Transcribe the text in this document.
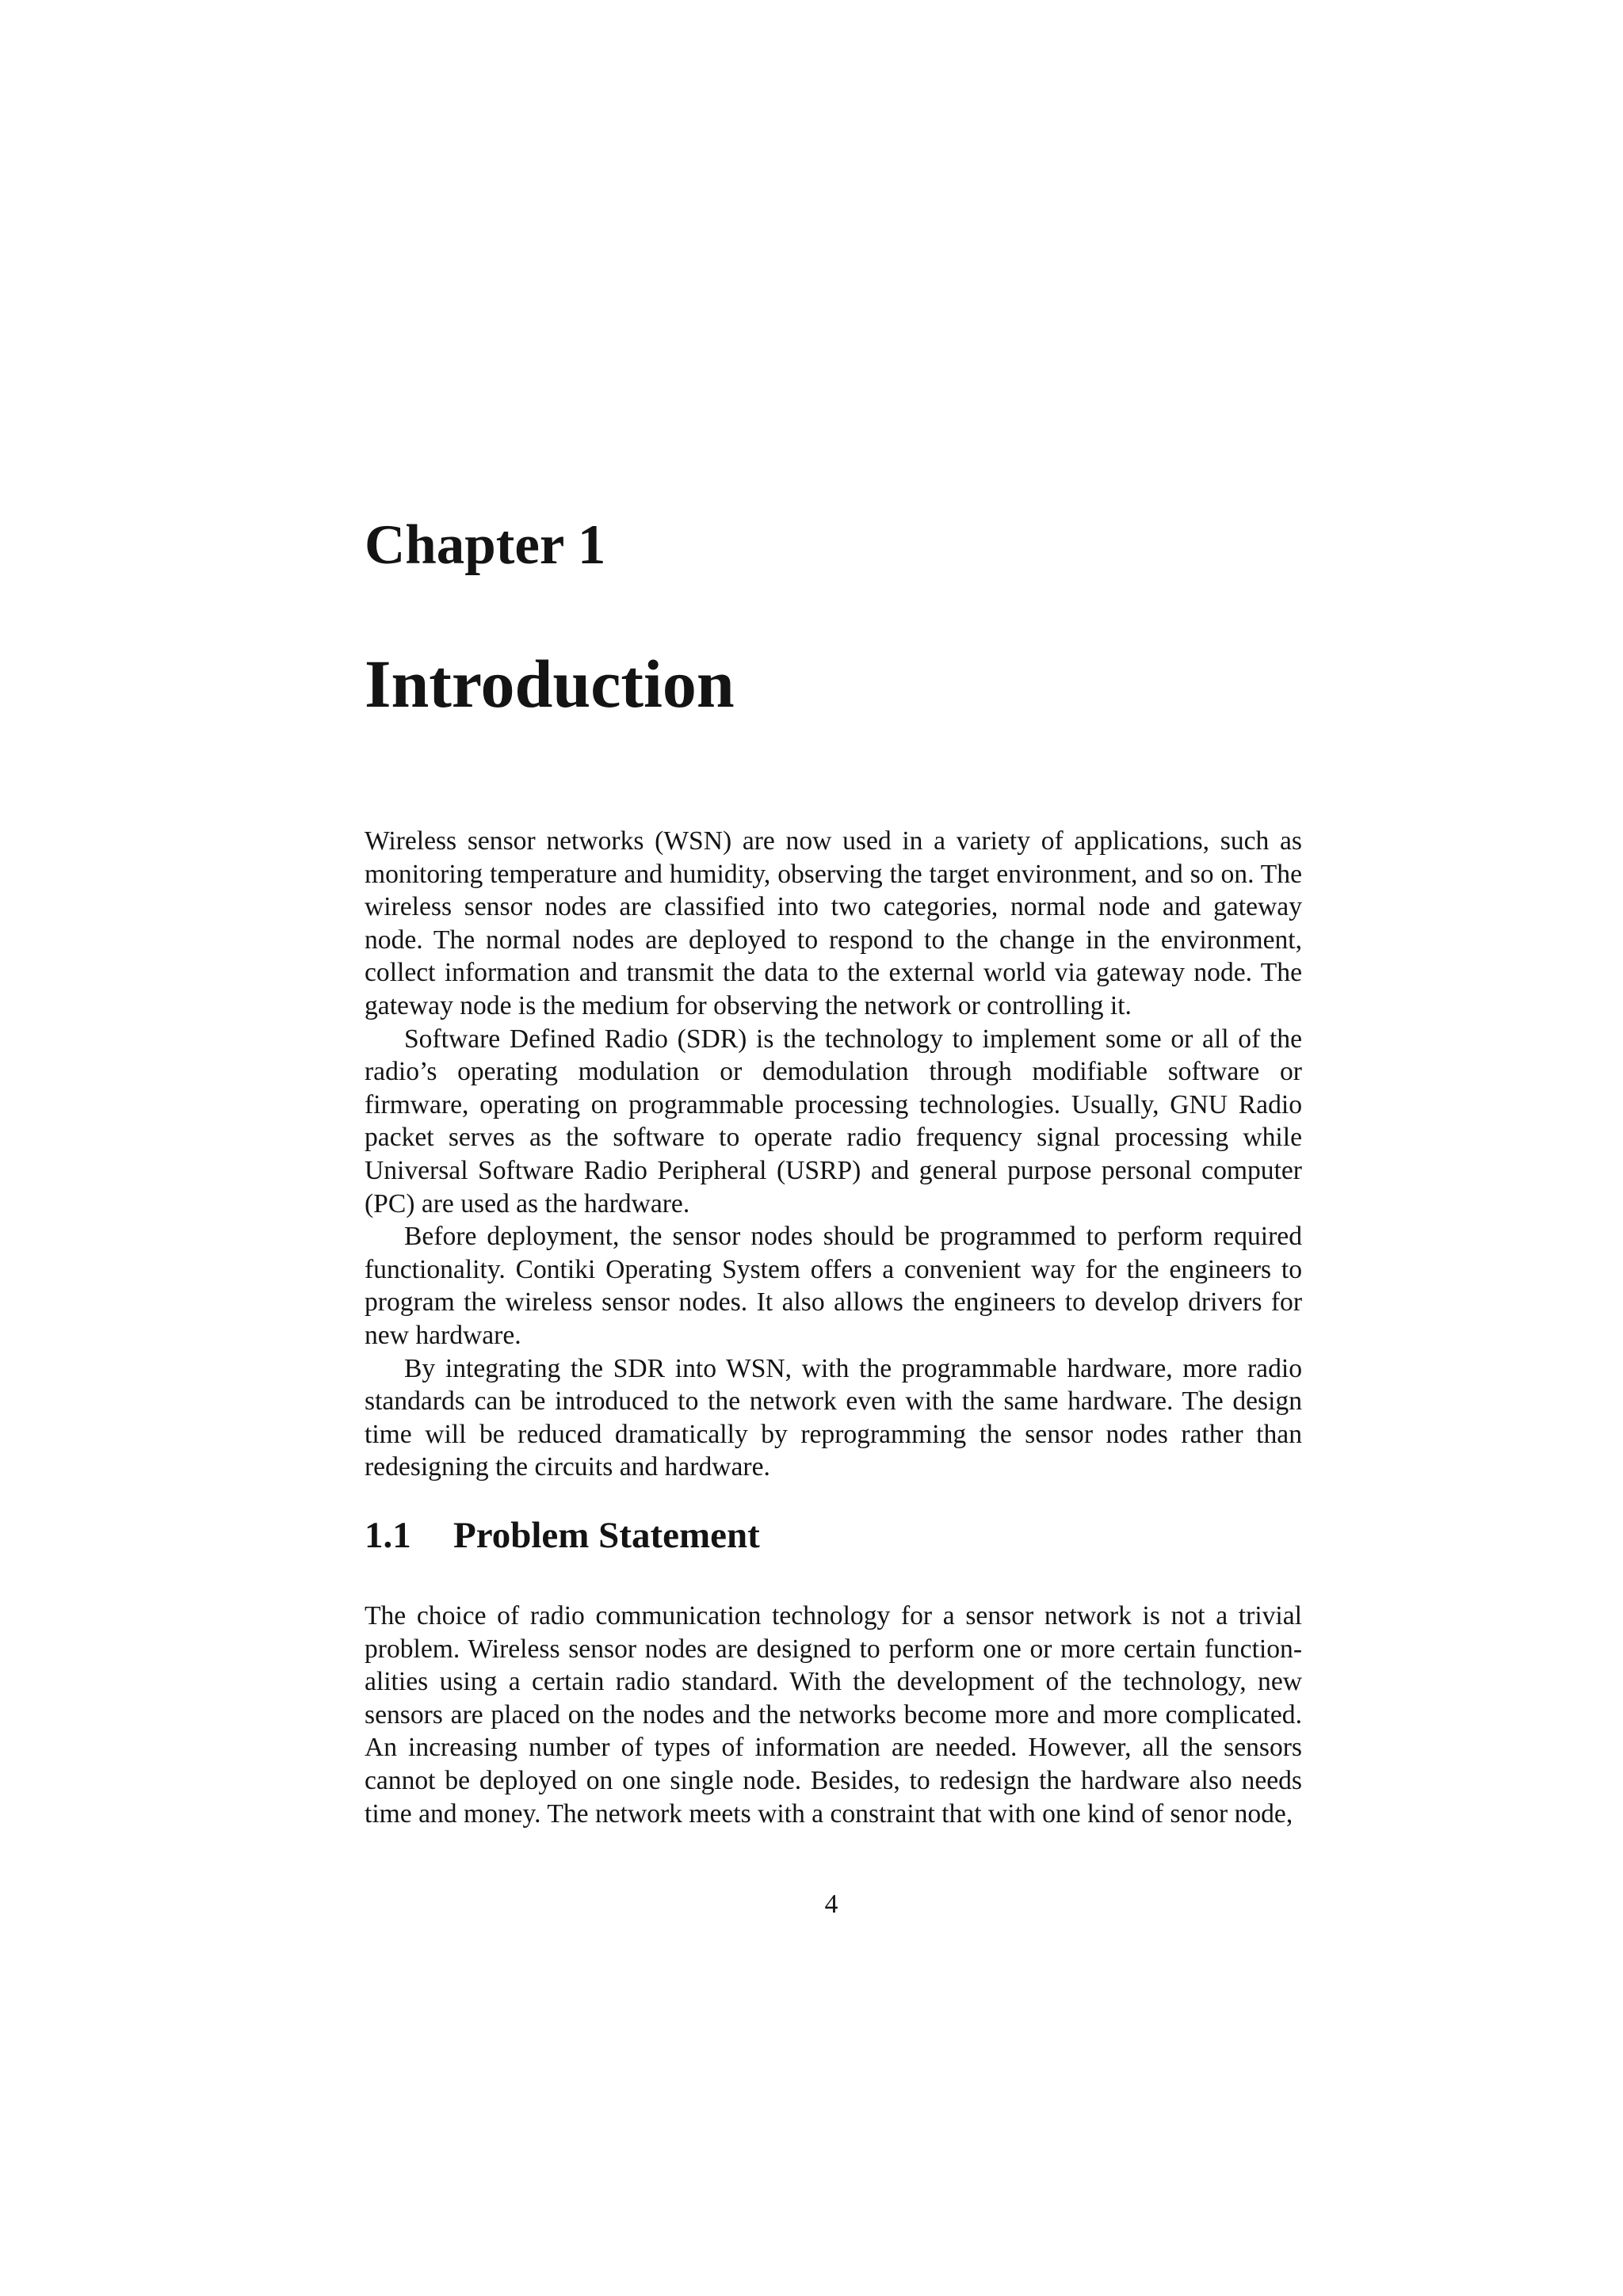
Chapter 1
Introduction

Wireless sensor networks (WSN) are now used in a variety of applications, such as monitoring temperature and humidity, observing the target environment, and so on. The wireless sensor nodes are classified into two categories, normal node and gateway node. The normal nodes are deployed to respond to the change in the environment, collect information and transmit the data to the external world via gateway node. The gateway node is the medium for observing the network or controlling it.

Software Defined Radio (SDR) is the technology to implement some or all of the radio’s operating modulation or demodulation through modifiable software or firmware, operating on programmable processing technologies. Usually, GNU Radio packet serves as the software to operate radio frequency signal processing while Universal Software Radio Peripheral (USRP) and general purpose personal computer (PC) are used as the hardware.

Before deployment, the sensor nodes should be programmed to perform required functionality. Contiki Operating System offers a convenient way for the engineers to program the wireless sensor nodes. It also allows the engineers to develop drivers for new hardware.

By integrating the SDR into WSN, with the programmable hardware, more radio standards can be introduced to the network even with the same hardware. The design time will be reduced dramatically by reprogramming the sensor nodes rather than redesigning the circuits and hardware.

1.1 Problem Statement

The choice of radio communication technology for a sensor network is not a trivial problem. Wireless sensor nodes are designed to perform one or more certain functionalities using a certain radio standard. With the development of the technology, new sensors are placed on the nodes and the networks become more and more complicated. An increasing number of types of information are needed. However, all the sensors cannot be deployed on one single node. Besides, to redesign the hardware also needs time and money. The network meets with a constraint that with one kind of senor node,

4
